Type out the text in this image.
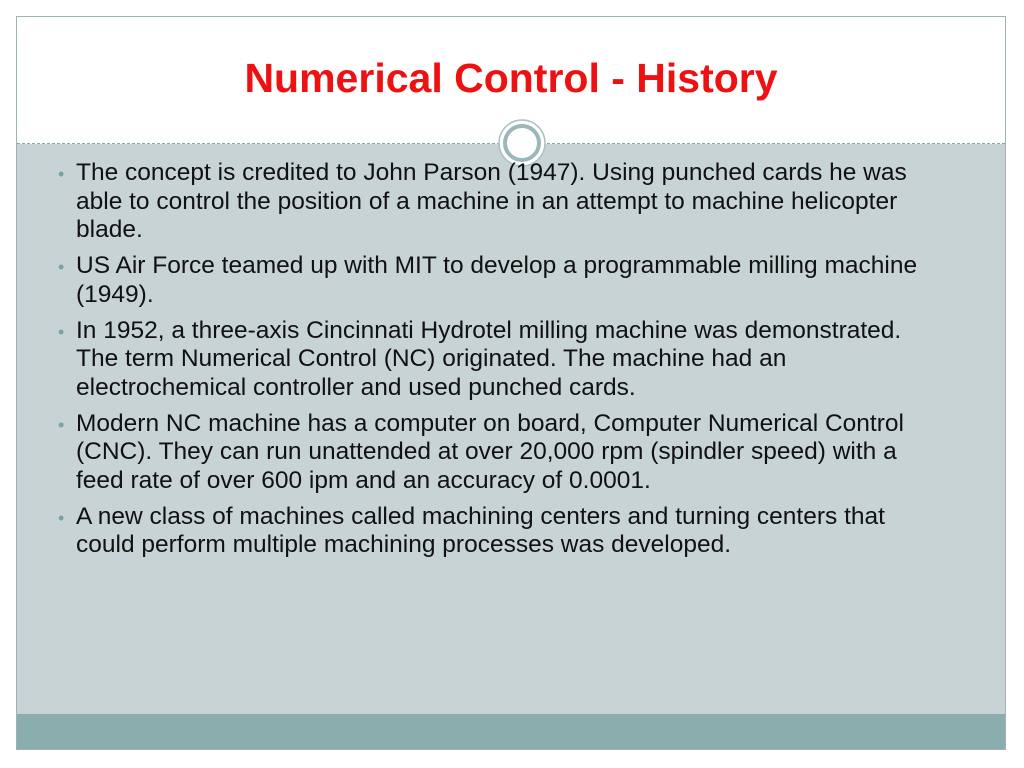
Numerical Control - History
• The concept is credited to John Parson (1947). Using punched cards he was able to control the position of a machine in an attempt to machine helicopter blade.
• US Air Force teamed up with MIT to develop a programmable milling machine (1949).
• In 1952, a three-axis Cincinnati Hydrotel milling machine was demonstrated. The term Numerical Control (NC) originated. The machine had an electrochemical controller and used punched cards.
• Modern NC machine has a computer on board, Computer Numerical Control (CNC). They can run unattended at over 20,000 rpm (spindler speed) with a feed rate of over 600 ipm and an accuracy of 0.0001.
• A new class of machines called machining centers and turning centers that could perform multiple machining processes was developed.
